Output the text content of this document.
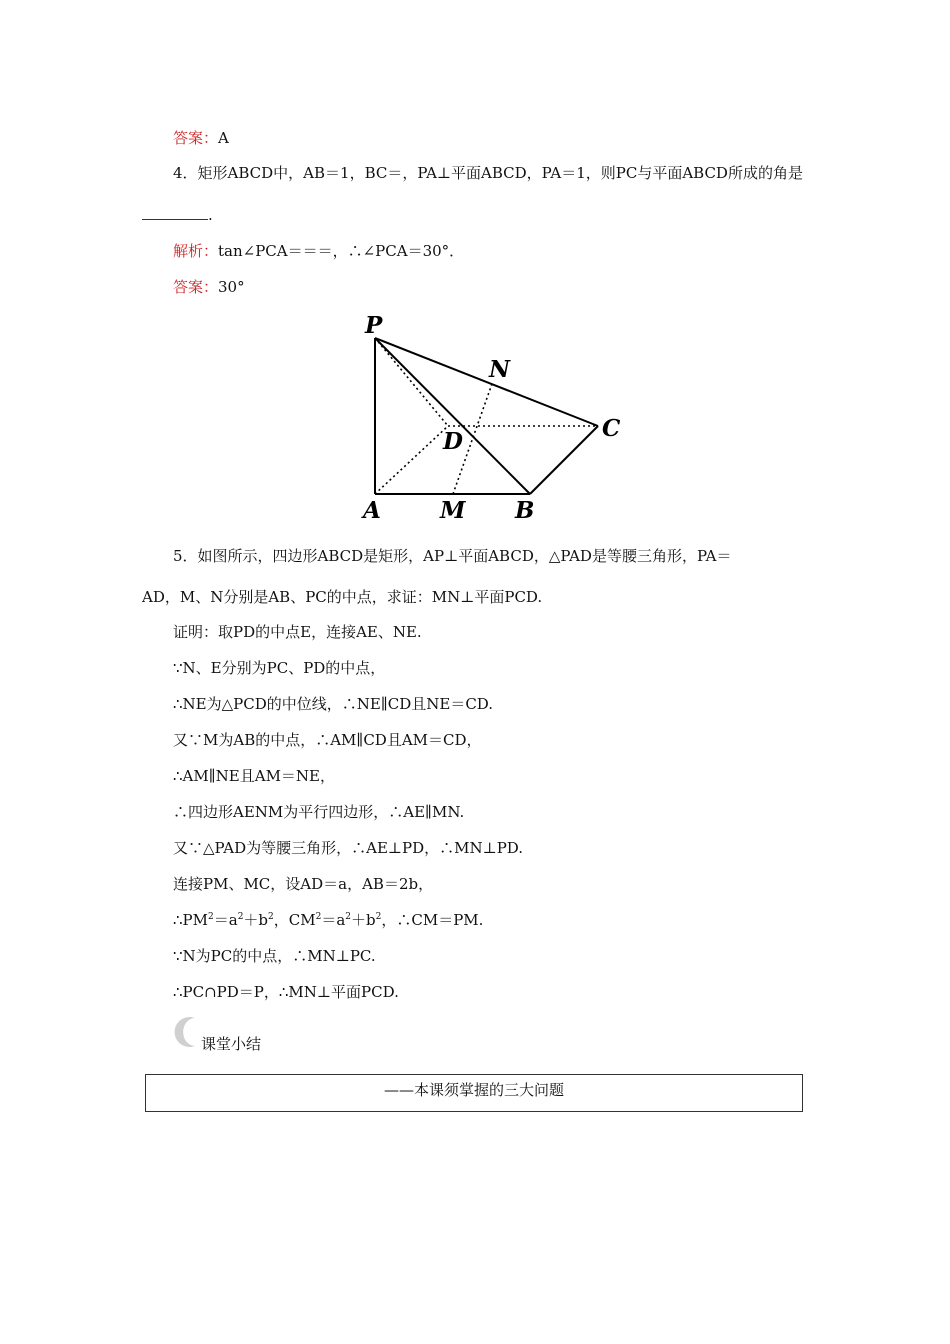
答案：A
4．矩形ABCD中，AB＝1，BC＝，PA⊥平面ABCD，PA＝1，则PC与平面ABCD所成的角是
.
解析：tan∠PCA＝＝＝，∴∠PCA＝30°．
答案：30°
P
N
C
D
A	M B
5．如图所示，四边形ABCD是矩形，AP⊥平面ABCD，△PAD是等腰三角形，PA＝
AD，M、N分别是AB、PC的中点，求证：MN⊥平面PCD.
证明：取PD的中点E，连接AE、NE.
∵N、E分别为PC、PD的中点，
∴NE为△PCD的中位线，∴NE∥CD且NE＝CD.
又∵M为AB的中点，∴AM∥CD且AM＝CD，
∴AM∥NE且AM＝NE，
∴四边形AENM为平行四边形，∴AE∥MN.
又∵△PAD为等腰三角形，∴AE⊥PD，∴MN⊥PD.
连接PM、MC，设AD＝a，AB＝2b，
$\therefore PM^2=a^2+b^2$，$CM^2=a^2+b^2$，∴CM＝PM.
∵N为PC的中点，∴MN⊥PC.
∴PC∩PD＝P，∴MN⊥平面PCD.
课堂小结
——本课须掌握的三大问题
